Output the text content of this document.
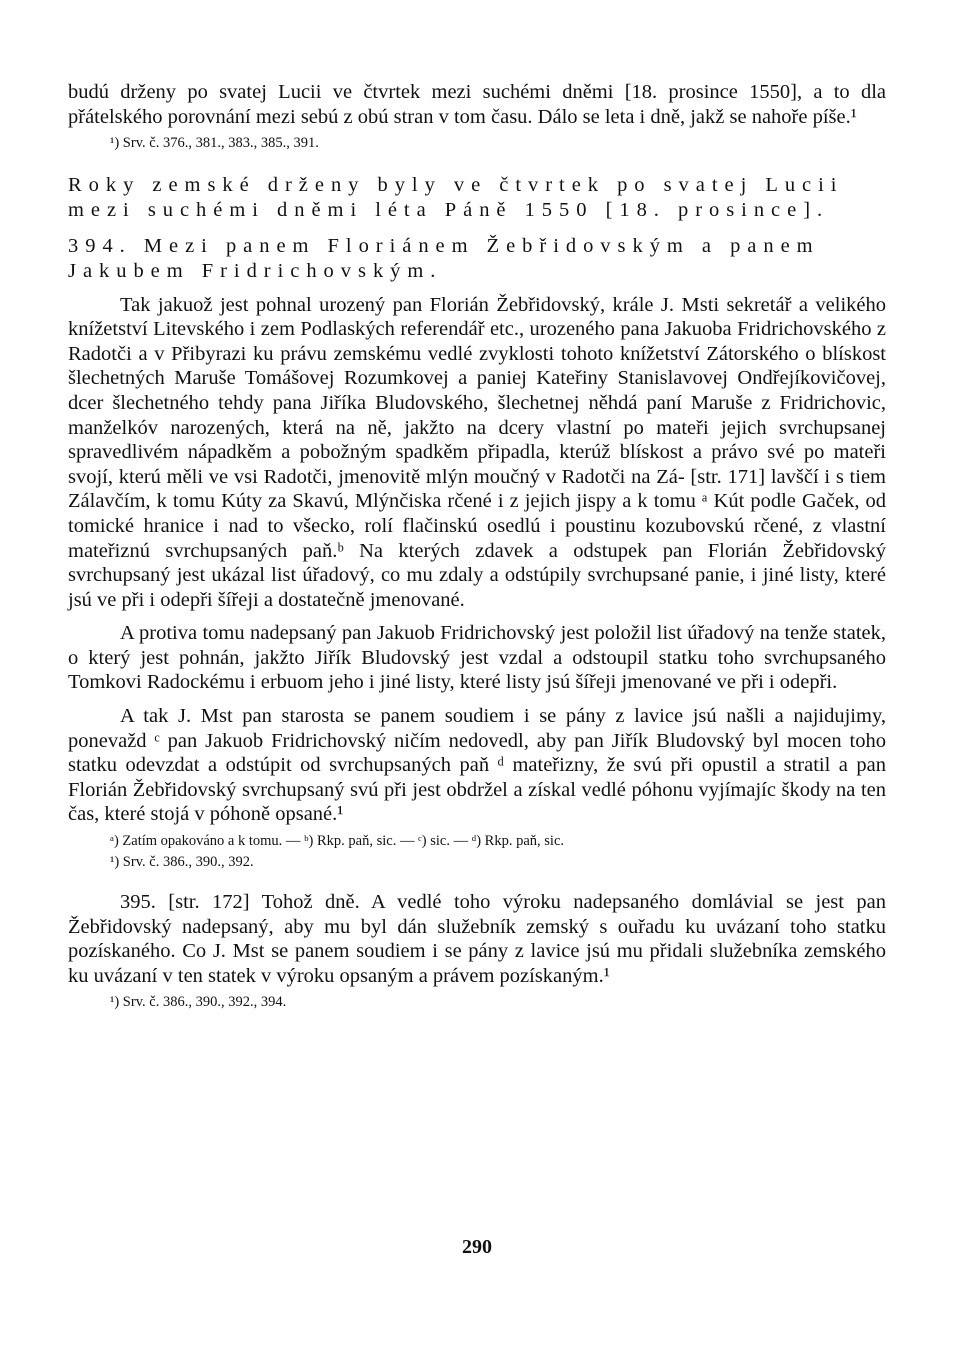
budú drženy po svatej Lucii ve čtvrtek mezi suchémi dněmi [18. prosince 1550], a to dla přátelského porovnání mezi sebú z obú stran v tom času. Dálo se leta i dně, jakž se nahoře píše.¹

¹) Srv. č. 376., 381., 383., 385., 391.

Roky zemské drženy byly ve čtvrtek po svatej Lucii mezi suchémi dněmi léta Páně 1550 [18. prosince].

394. Mezi panem Floriánem Žebřidovským a panem Jakubem Fridrichovským.

Tak jakuož jest pohnal urozený pan Florián Žebřidovský, krále J. Msti sekretář a velikého knížetství Litevského i zem Podlaských referendář etc., urozeného pana Jakuoba Fridrichovského z Radotči a v Přibyrazi ku právu zemskému vedlé zvyklosti tohoto knížetství Zátorského o blískost šlechetných Maruše Tomášovej Rozumkovej a paniej Kateřiny Stanislavovej Ondřejíkovičovej, dcer šlechetného tehdy pana Jiříka Bludovského, šlechetnej něhdá paní Maruše z Fridrichovic, manželkóv narozených, která na ně, jakžto na dcery vlastní po mateři jejich svrchupsanej spravedlivém nápadkěm a pobožným spadkěm připadla, kterúž blískost a právo své po mateři svojí, kterú měli ve vsi Radotči, jmenovitě mlýn moučný v Radotči na Zá- [str. 171] lavščí i s tiem Zálavčím, k tomu Kúty za Skavú, Mlýnčiska rčené i z jejich jispy a k tomu ᵃ Kút podle Gaček, od tomické hranice i nad to všecko, rolí flačinskú osedlú i poustinu kozubovskú rčené, z vlastní mateřiznú svrchupsaných paň.ᵇ Na kterých zdavek a odstupek pan Florián Žebřidovský svrchupsaný jest ukázal list úřadový, co mu zdaly a odstúpily svrchupsané panie, i jiné listy, které jsú ve při i odepři šířeji a dostatečně jmenované.

A protiva tomu nadepsaný pan Jakuob Fridrichovský jest položil list úřadový na tenže statek, o který jest pohnán, jakžto Jiřík Bludovský jest vzdal a odstoupil statku toho svrchupsaného Tomkovi Radockému i erbuom jeho i jiné listy, které listy jsú šířeji jmenované ve při i odepři.

A tak J. Mst pan starosta se panem soudiem i se pány z lavice jsú našli a najidujimy, ponevažd ᶜ pan Jakuob Fridrichovský ničím nedovedl, aby pan Jiřík Bludovský byl mocen toho statku odevzdat a odstúpit od svrchupsaných paň ᵈ mateřizny, že svú při opustil a stratil a pan Florián Žebřidovský svrchupsaný svú při jest obdržel a získal vedlé póhonu vyjímajíc škody na ten čas, které stojá v póhoně opsané.¹

ᵃ) Zatím opakováno a k tomu. — ᵇ) Rkp. paň, sic. — ᶜ) sic. — ᵈ) Rkp. paň, sic.

¹) Srv. č. 386., 390., 392.

395. [str. 172] Tohož dně. A vedlé toho výroku nadepsaného domlávial se jest pan Žebřidovský nadepsaný, aby mu byl dán služebník zemský s ouřadu ku uvázaní toho statku pozískaného. Co J. Mst se panem soudiem i se pány z lavice jsú mu přidali služebníka zemského ku uvázaní v ten statek v výroku opsaným a právem pozískaným.¹

¹) Srv. č. 386., 390., 392., 394.

290
